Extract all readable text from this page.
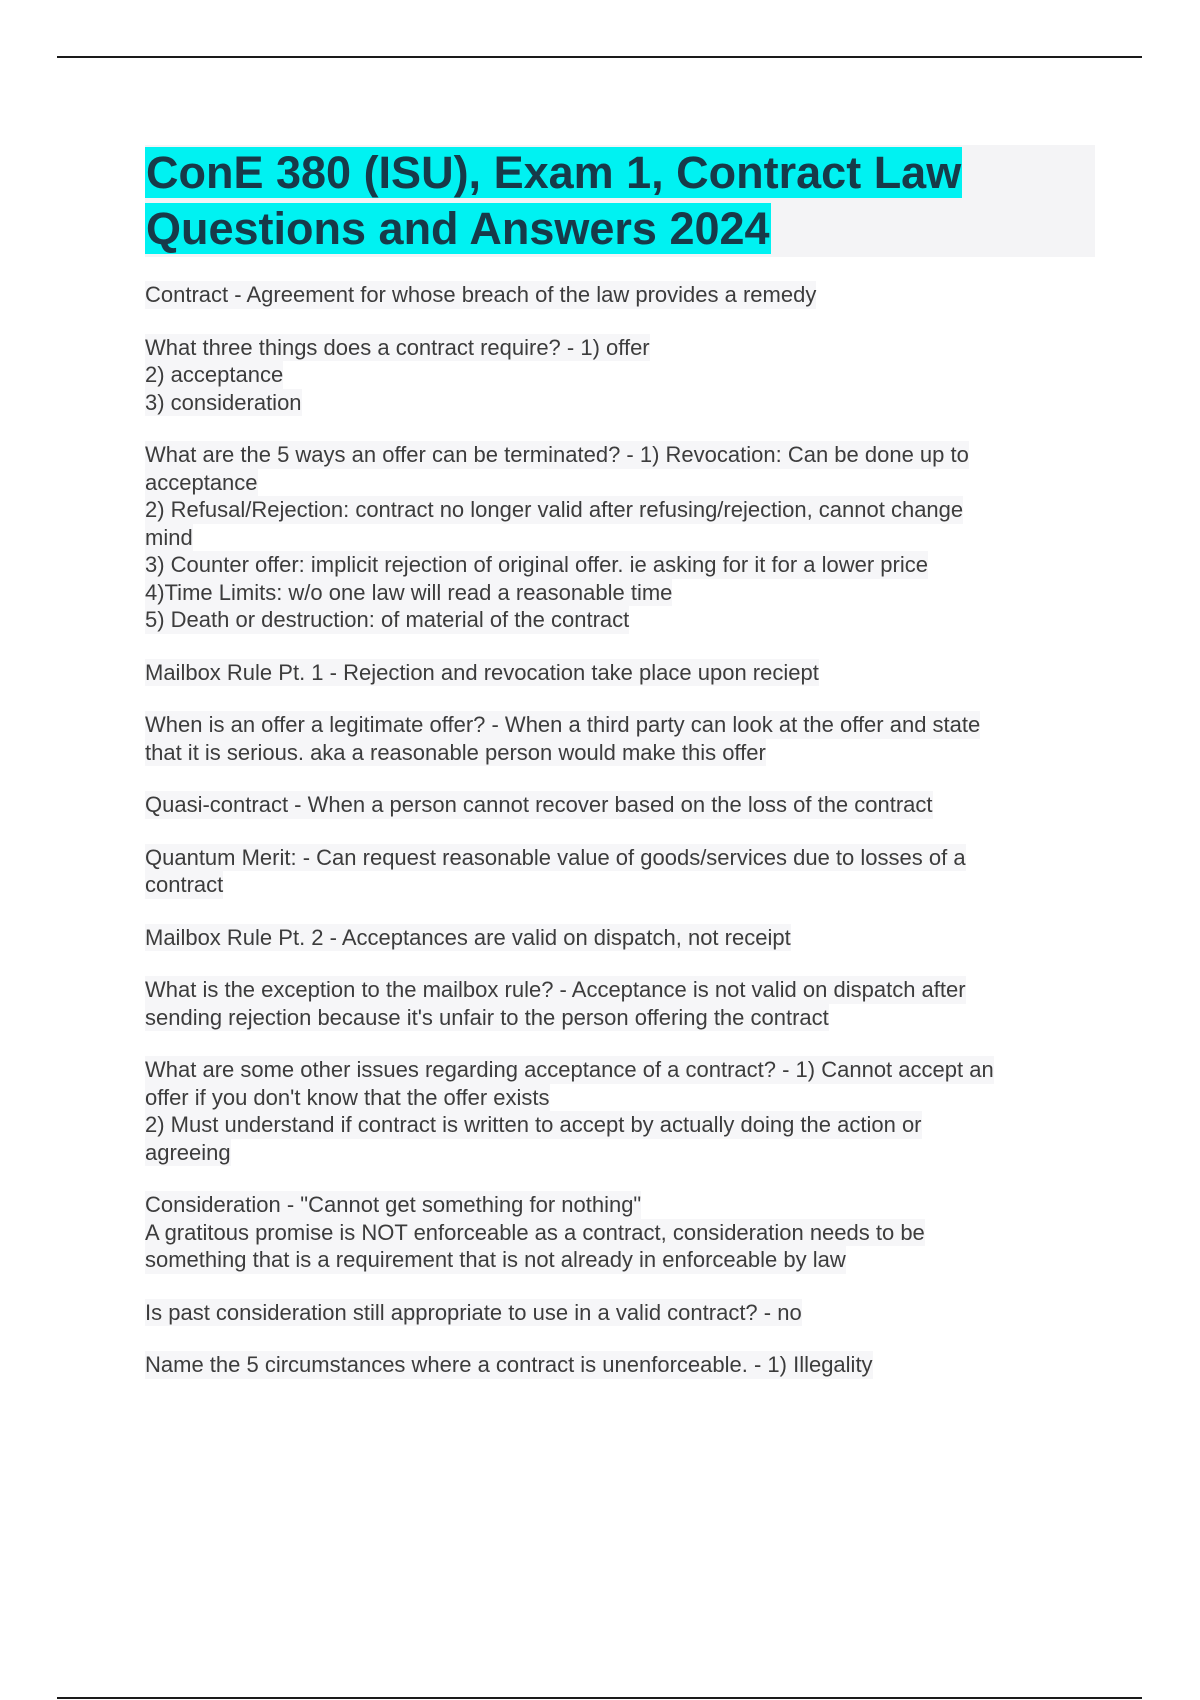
ConE 380 (ISU), Exam 1, Contract Law

Questions and Answers 2024

Contract - Agreement for whose breach of the law provides a remedy
What three things does a contract require? - 1) offer
2) acceptance
3) consideration
What are the 5 ways an offer can be terminated? - 1) Revocation: Can be done up to
acceptance
2) Refusal/Rejection: contract no longer valid after refusing/rejection, cannot change
mind
3) Counter offer: implicit rejection of original offer. ie asking for it for a lower price
4)Time Limits: w/o one law will read a reasonable time
5) Death or destruction: of material of the contract
Mailbox Rule Pt. 1 - Rejection and revocation take place upon reciept
When is an offer a legitimate offer? - When a third party can look at the offer and state
that it is serious. aka a reasonable person would make this offer
Quasi-contract - When a person cannot recover based on the loss of the contract
Quantum Merit: - Can request reasonable value of goods/services due to losses of a
contract
Mailbox Rule Pt. 2 - Acceptances are valid on dispatch, not receipt
What is the exception to the mailbox rule? - Acceptance is not valid on dispatch after
sending rejection because it's unfair to the person offering the contract
What are some other issues regarding acceptance of a contract? - 1) Cannot accept an
offer if you don't know that the offer exists
2) Must understand if contract is written to accept by actually doing the action or
agreeing
Consideration - "Cannot get something for nothing"
A gratitous promise is NOT enforceable as a contract, consideration needs to be
something that is a requirement that is not already in enforceable by law
Is past consideration still appropriate to use in a valid contract? - no
Name the 5 circumstances where a contract is unenforceable. - 1) Illegality
